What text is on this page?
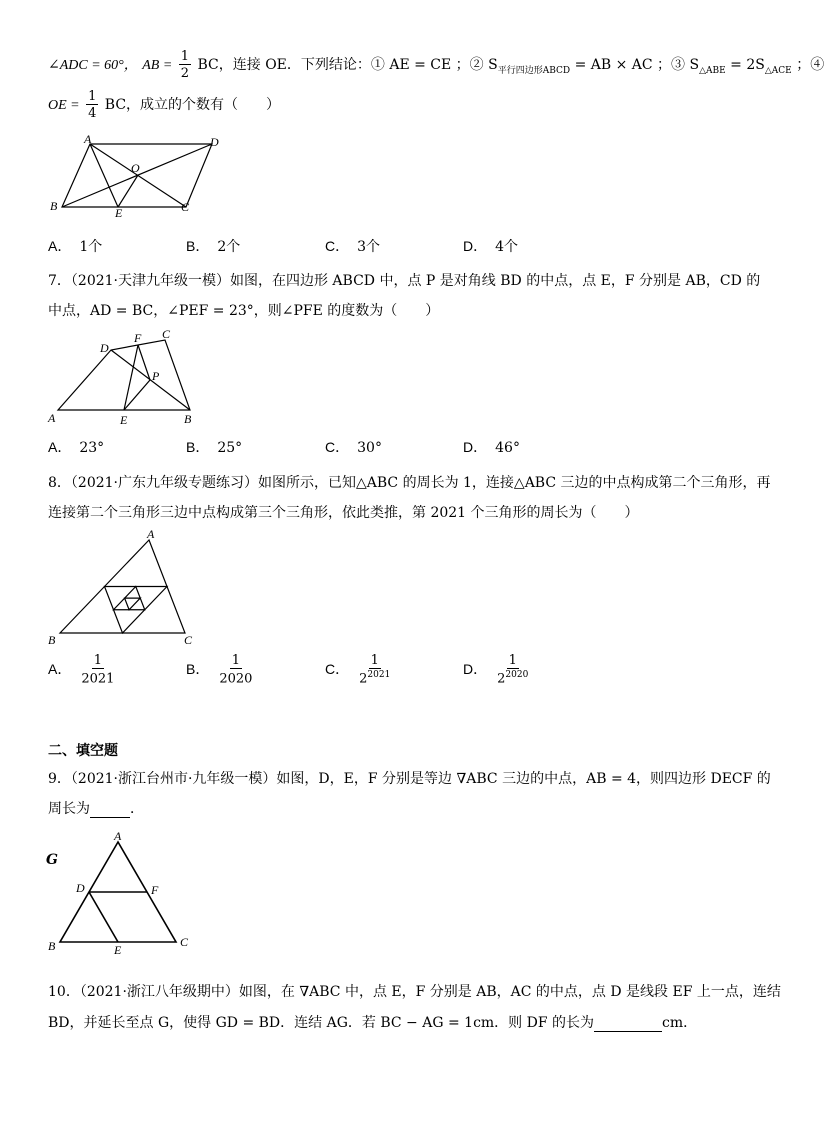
∠ADC = 60°， AB = $\frac{1}{2}$ BC，连接 OE．下列结论：① AE = CE ；② $S_{平行四边形ABCD}$ = AB × AC ；③ $S_{\triangle ABE} = 2S_{\triangle ACE}$ ；④
OE = $\frac{1}{4}$ BC，成立的个数有（　　）
A	D
B	C
E
O
A． 1个	B． 2个	C． 3个	D． 4个
7．（2021·天津九年级一模）如图，在四边形 ABCD 中，点 P 是对角线 BD 的中点，点 E，F 分别是 AB，CD 的
中点，AD = BC，∠PEF = 23°，则∠PFE 的度数为（　　）
A
D
F C
P
E	B
A． 23°	B． 25°	C． 30°	D． 46°
8．（2021·广东九年级专题练习）如图所示，已知△ABC 的周长为 1，连接△ABC 三边的中点构成第二个三角形，再
连接第二个三角形三边中点构成第三个三角形，依此类推，第 2021 个三角形的周长为（　　）
A
B	C
A． $\frac{1}{2021}$	B． $\frac{1}{2020}$	C． $\frac{1}{2^{2021}}$	D． $\frac{1}{2^{2020}}$
二、填空题
9．（2021·浙江台州市·九年级一模）如图，D，E，F 分别是等边 ∇ABC 三边的中点，AB = 4，则四边形 DECF 的
周长为	．
G
A
D	F
B	E
C
10．（2021·浙江八年级期中）如图，在 ∇ABC 中，点 E，F 分别是 AB，AC 的中点，点 D 是线段 EF 上一点，连结
BD，并延长至点 G，使得 GD = BD．连结 AG．若 BC − AG = 1cm．则 DF 的长为	cm．
